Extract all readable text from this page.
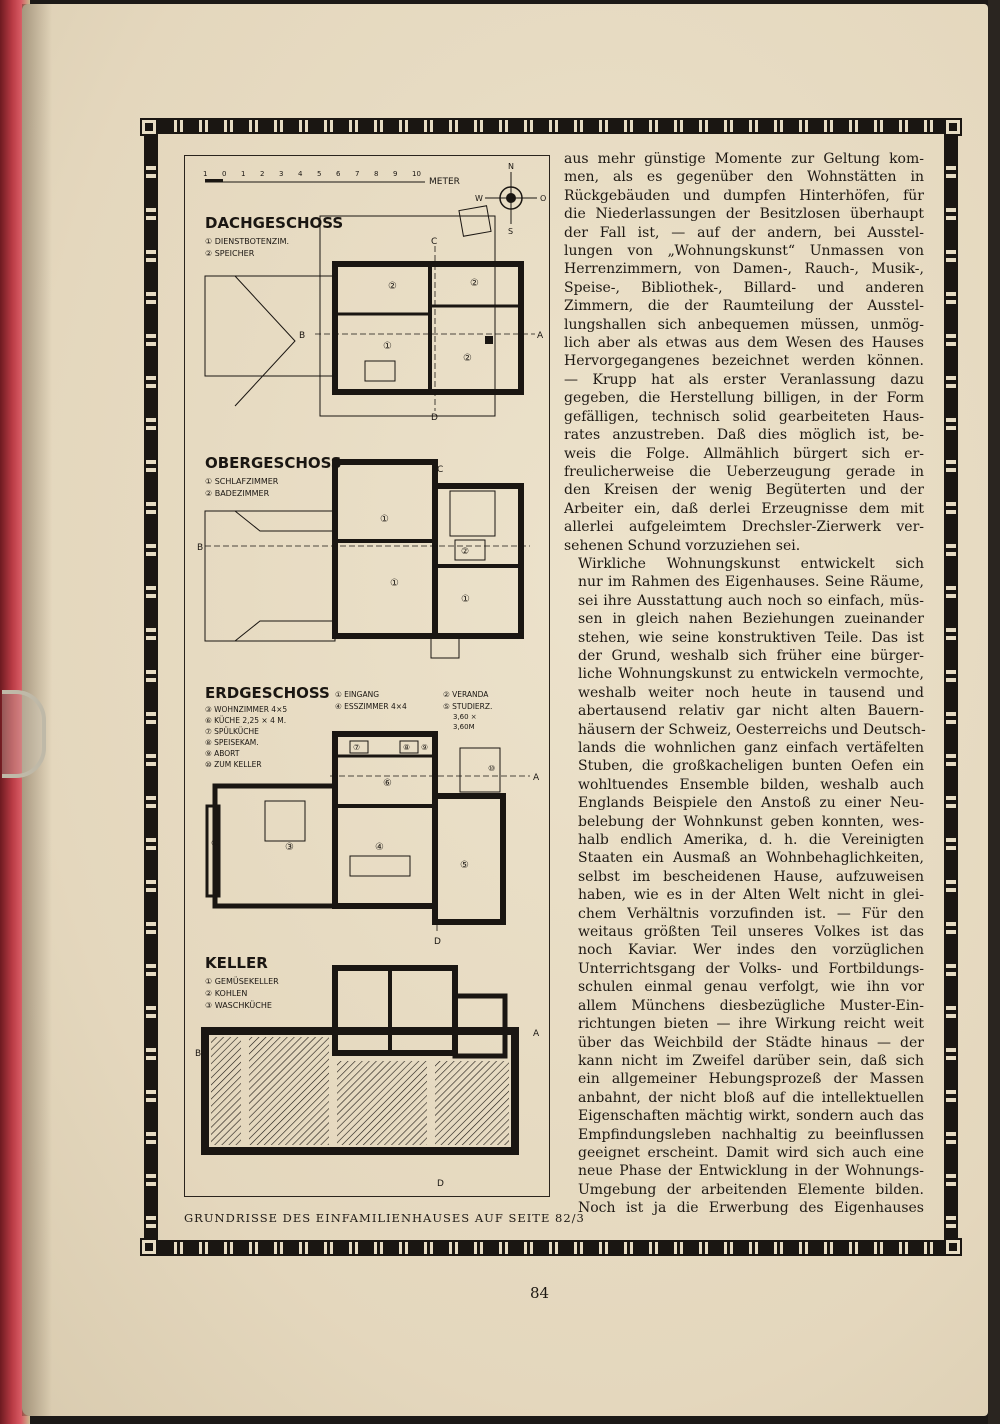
1 0 1 2 3 4 5 6 7 8 9 10
METER
N
S
W	O
DACHGESCHOSS
① DIENSTBOTENZIM.
② SPEICHER
②	②
①
②
B	A
C
D
OBERGESCHOSS
① SCHLAFZIMMER
② BADEZIMMER
①
①
②
①
B
C
ERDGESCHOSS
③ WOHNZIMMER 4×5
⑥ KÜCHE 2,25 × 4 M.
⑦ SPÜLKÜCHE
⑧ SPEISEKAM.
⑨ ABORT
⑩ ZUM KELLER
① EINGANG
④ ESSZIMMER 4×4
② VERANDA
⑤ STUDIERZ.
3,60 ×
3,60M
⑦	⑧ ⑨
⑥
②	③	④
⑤
⑩
A
D
KELLER
① GEMÜSEKELLER
② KOHLEN
③ WASCHKÜCHE
B
A
D
GRUNDRISSE DES EINFAMILIENHAUSES AUF SEITE 82/3

aus mehr günstige Momente zur Geltung kom-
men, als es gegenüber den Wohnstätten in
Rückgebäuden und dumpfen Hinterhöfen, für
die Niederlassungen der Besitzlosen überhaupt
der Fall ist, — auf der andern, bei Ausstel-
lungen von „Wohnungskunst“ Unmassen von
Herrenzimmern, von Damen-, Rauch-, Musik-,
Speise-, Bibliothek-, Billard- und anderen
Zimmern, die der Raumteilung der Ausstel-
lungshallen sich anbequemen müssen, unmög-
lich aber als etwas aus dem Wesen des Hauses
Hervorgegangenes bezeichnet werden können.
— Krupp hat als erster Veranlassung dazu
gegeben, die Herstellung billigen, in der Form
gefälligen, technisch solid gearbeiteten Haus-
rates anzustreben. Daß dies möglich ist, be-
weis die Folge. Allmählich bürgert sich er-
freulicherweise die Ueberzeugung gerade in
den Kreisen der wenig Begüterten und der
Arbeiter ein, daß derlei Erzeugnisse dem mit
allerlei aufgeleimtem Drechsler-Zierwerk ver-
sehenen Schund vorzuziehen sei.

Wirkliche Wohnungskunst entwickelt sich
nur im Rahmen des Eigenhauses. Seine Räume,
sei ihre Ausstattung auch noch so einfach, müs-
sen in gleich nahen Beziehungen zueinander
stehen, wie seine konstruktiven Teile. Das ist
der Grund, weshalb sich früher eine bürger-
liche Wohnungskunst zu entwickeln vermochte,
weshalb weiter noch heute in tausend und
abertausend relativ gar nicht alten Bauern-
häusern der Schweiz, Oesterreichs und Deutsch-
lands die wohnlichen ganz einfach vertäfelten
Stuben, die großkacheligen bunten Oefen ein
wohltuendes Ensemble bilden, weshalb auch
Englands Beispiele den Anstoß zu einer Neu-
belebung der Wohnkunst geben konnten, wes-
halb endlich Amerika, d. h. die Vereinigten
Staaten ein Ausmaß an Wohnbehaglichkeiten,
selbst im bescheidenen Hause, aufzuweisen
haben, wie es in der Alten Welt nicht in glei-
chem Verhältnis vorzufinden ist. — Für den
weitaus größten Teil unseres Volkes ist das
noch Kaviar. Wer indes den vorzüglichen
Unterrichtsgang der Volks- und Fortbildungs-
schulen einmal genau verfolgt, wie ihn vor
allem Münchens diesbezügliche Muster-Ein-
richtungen bieten — ihre Wirkung reicht weit
über das Weichbild der Städte hinaus — der
kann nicht im Zweifel darüber sein, daß sich
ein allgemeiner Hebungsprozeß der Massen
anbahnt, der nicht bloß auf die intellektuellen
Eigenschaften mächtig wirkt, sondern auch das
Empfindungsleben nachhaltig zu beeinflussen
geeignet erscheint. Damit wird sich auch eine
neue Phase der Entwicklung in der Wohnungs-
Umgebung der arbeitenden Elemente bilden.
Noch ist ja die Erwerbung des Eigenhauses

84
